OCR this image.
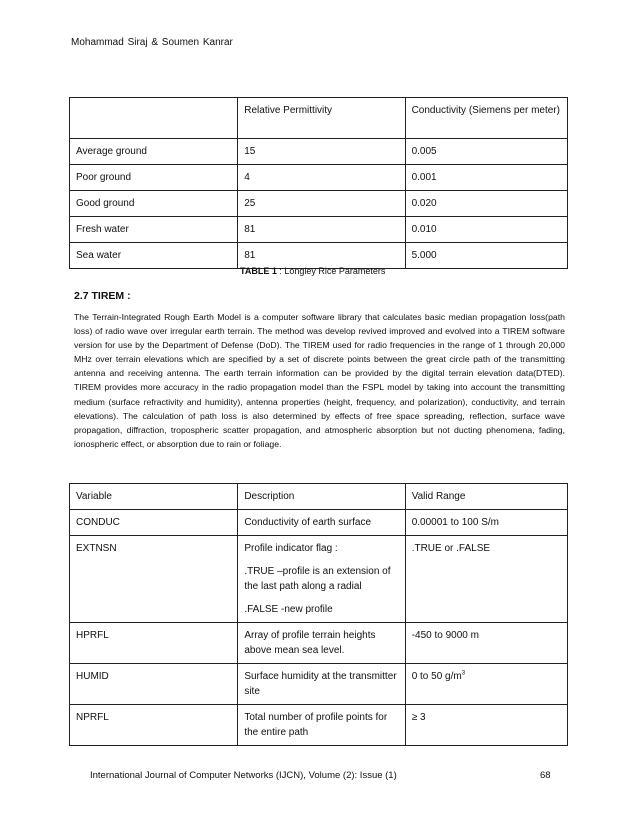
Mohammad Siraj & Soumen Kanrar
	Relative Permittivity	Conductivity (Siemens per meter)
Average ground	15	0.005
Poor ground	4	0.001
Good ground	25	0.020
Fresh water	81	0.010
Sea water	81	5.000
TABLE 1 : Longley Rice Parameters
2.7 TIREM :
The Terrain-Integrated Rough Earth Model is a computer software library that calculates basic median propagation loss(path loss) of radio wave over irregular earth terrain. The method was develop revived improved and evolved into a TIREM software version for use by the Department of Defense (DoD). The TIREM used for radio frequencies in the range of 1 through 20,000 MHz over terrain elevations which are specified by a set of discrete points between the great circle path of the transmitting antenna and receiving antenna. The earth terrain information can be provided by the digital terrain elevation data(DTED). TIREM provides more accuracy in the radio propagation model than the FSPL model by taking into account the transmitting medium (surface refractivity and humidity), antenna properties (height, frequency, and polarization), conductivity, and terrain elevations). The calculation of path loss is also determined by effects of free space spreading, reflection, surface wave propagation, diffraction, tropospheric scatter propagation, and atmospheric absorption but not ducting phenomena, fading, ionospheric effect, or absorption due to rain or foliage.
Variable	Description	Valid Range
CONDUC	Conductivity of earth surface	0.00001 to 100 S/m
EXTNSN	Profile indicator flag :

.TRUE –profile is an extension of the last path along a radial

.FALSE -new profile	.TRUE or .FALSE
HPRFL	Array of profile terrain heights above mean sea level.	-450 to 9000 m
HUMID	Surface humidity at the transmitter site	0 to 50 $g/m^3$
NPRFL	Total number of profile points for the entire path	≥ 3
International Journal of Computer Networks (IJCN), Volume (2): Issue (1)	68
